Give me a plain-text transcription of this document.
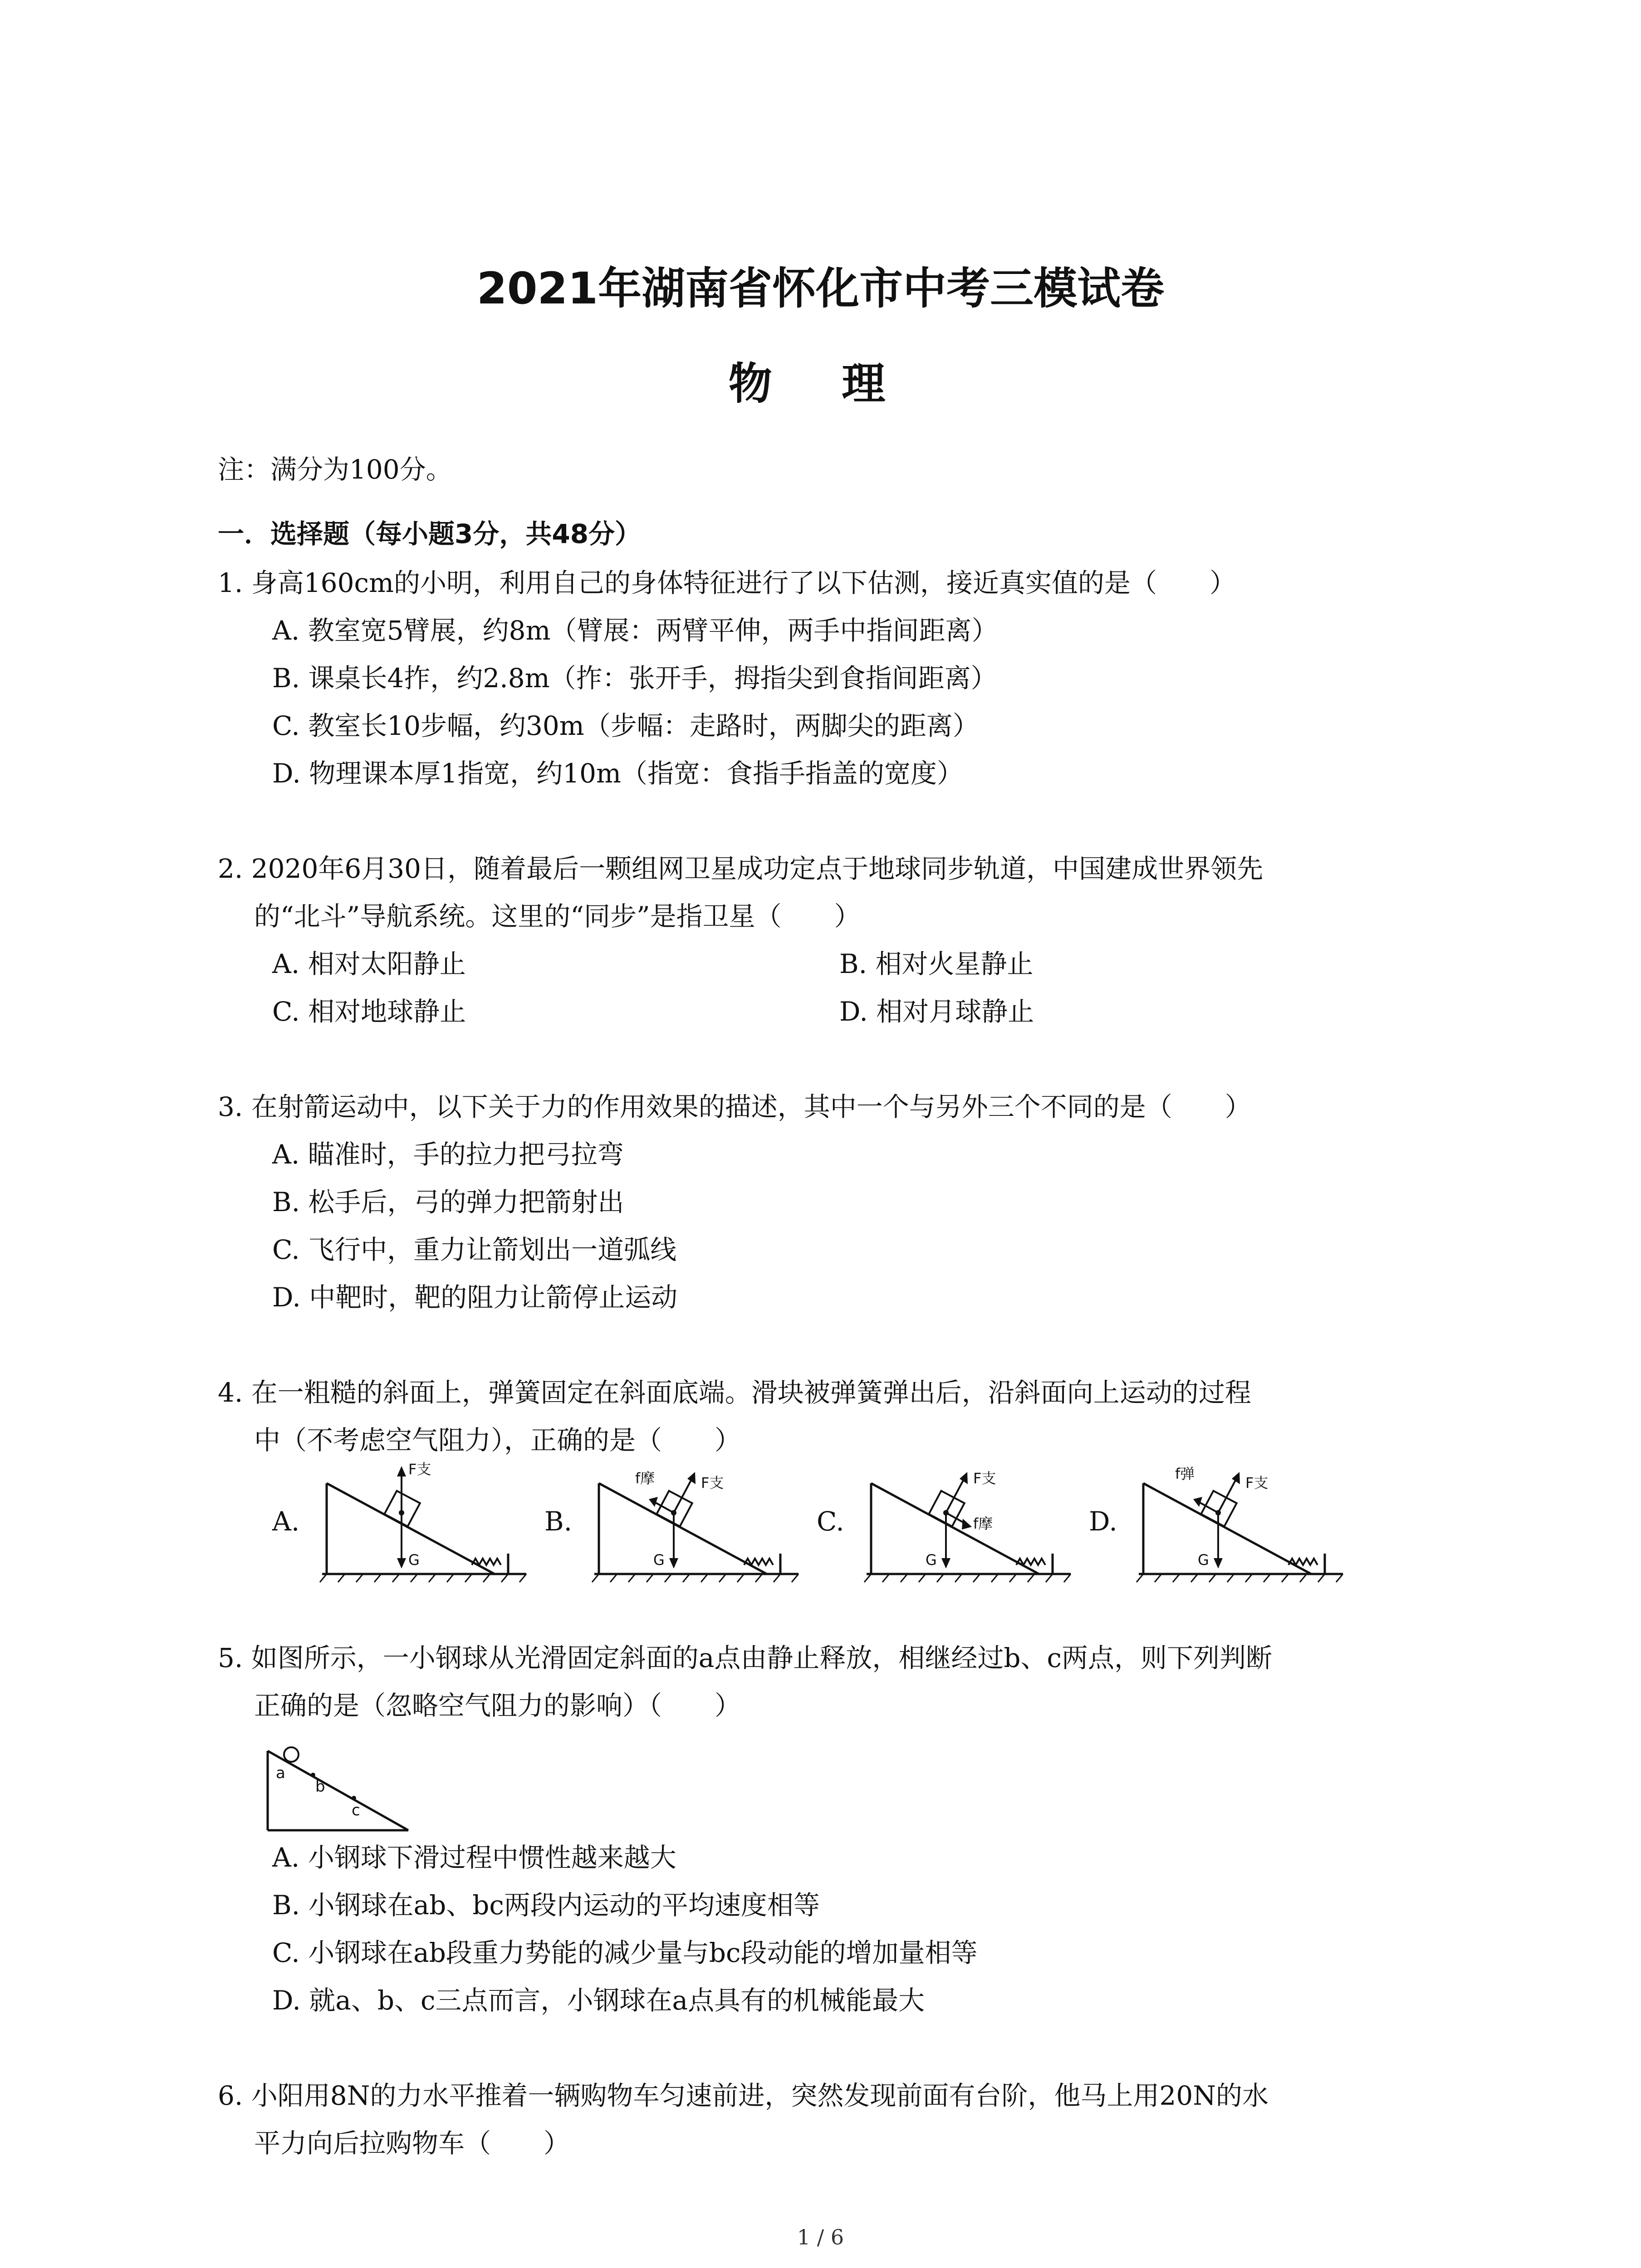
2021年湖南省怀化市中考三模试卷
物 理
注：满分为100分。
一．选择题（每小题3分，共48分）
1. 身高160cm的小明，利用自己的身体特征进行了以下估测，接近真实值的是（　　）
A. 教室宽5臂展，约8m（臂展：两臂平伸，两手中指间距离）
B. 课桌长4拃，约2.8m（拃：张开手，拇指尖到食指间距离）
C. 教室长10步幅，约30m（步幅：走路时，两脚尖的距离）
D. 物理课本厚1指宽，约10m（指宽：食指手指盖的宽度）
2. 2020年6月30日，随着最后一颗组网卫星成功定点于地球同步轨道，中国建成世界领先
的“北斗”导航系统。这里的“同步”是指卫星（　　）
A. 相对太阳静止	B. 相对火星静止
C. 相对地球静止	D. 相对月球静止
3. 在射箭运动中，以下关于力的作用效果的描述，其中一个与另外三个不同的是（　　）
A. 瞄准时，手的拉力把弓拉弯
B. 松手后，弓的弹力把箭射出
C. 飞行中，重力让箭划出一道弧线
D. 中靶时，靶的阻力让箭停止运动
4. 在一粗糙的斜面上，弹簧固定在斜面底端。滑块被弹簧弹出后，沿斜面向上运动的过程
中（不考虑空气阻力），正确的是（　　）
A.	B.	C.	D.
F支
G
f摩	F支
G
F支
f摩
G
f弹
F支
G
5. 如图所示，一小钢球从光滑固定斜面的a点由静止释放，相继经过b、c两点，则下列判断
正确的是（忽略空气阻力的影响）（　　）
a
b
c
A. 小钢球下滑过程中惯性越来越大
B. 小钢球在ab、bc两段内运动的平均速度相等
C. 小钢球在ab段重力势能的减少量与bc段动能的增加量相等
D. 就a、b、c三点而言，小钢球在a点具有的机械能最大
6. 小阳用8N的力水平推着一辆购物车匀速前进，突然发现前面有台阶，他马上用20N的水
平力向后拉购物车（　　）
1 / 6
